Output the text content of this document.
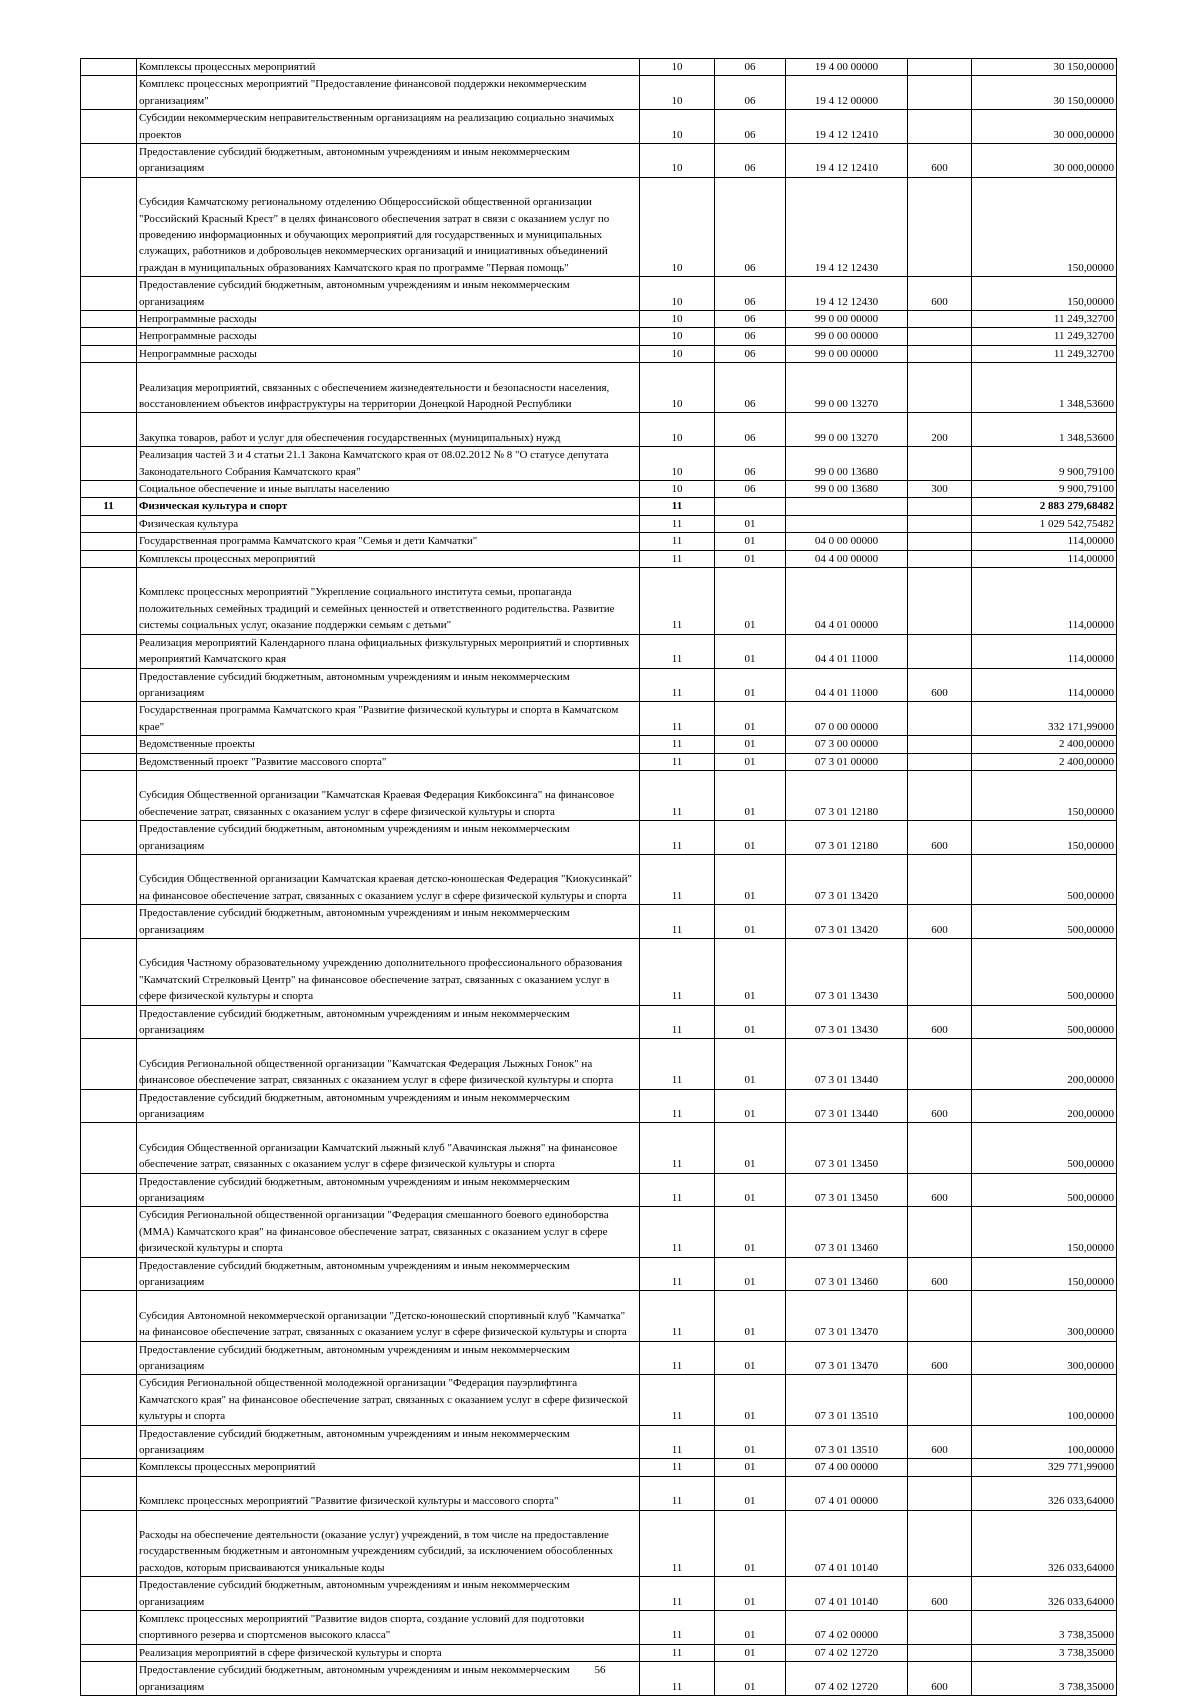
	Комплексы процессных мероприятий	10	06	19 4 00 00000		30 150,00000
	Комплекс процессных мероприятий "Предоставление финансовой поддержки некоммерческим организациям"	10	06	19 4 12 00000		30 150,00000
	Субсидии некоммерческим неправительственным организациям на реализацию социально значимых проектов	10	06	19 4 12 12410		30 000,00000
	Предоставление субсидий бюджетным, автономным учреждениям и иным некоммерческим организациям	10	06	19 4 12 12410	600	30 000,00000
	Субсидия Камчатскому региональному отделению Общероссийской общественной организации "Российский Красный Крест" в целях финансового обеспечения затрат в связи с оказанием услуг по проведению информационных и обучающих мероприятий для государственных и муниципальных служащих, работников и добровольцев некоммерческих организаций и инициативных объединений граждан в муниципальных образованиях Камчатского края по программе "Первая помощь"	10	06	19 4 12 12430		150,00000
	Предоставление субсидий бюджетным, автономным учреждениям и иным некоммерческим организациям	10	06	19 4 12 12430	600	150,00000
	Непрограммные расходы	10	06	99 0 00 00000		11 249,32700
	Непрограммные расходы	10	06	99 0 00 00000		11 249,32700
	Непрограммные расходы	10	06	99 0 00 00000		11 249,32700
	Реализация мероприятий, связанных с обеспечением жизнедеятельности и безопасности населения, восстановлением объектов инфраструктуры на территории Донецкой Народной Республики	10	06	99 0 00 13270		1 348,53600
	Закупка товаров, работ и услуг для обеспечения государственных (муниципальных) нужд	10	06	99 0 00 13270	200	1 348,53600
	Реализация частей 3 и 4 статьи 21.1 Закона Камчатского края от 08.02.2012 № 8 "О статусе депутата Законодательного Собрания Камчатского края"	10	06	99 0 00 13680		9 900,79100
	Социальное обеспечение и иные выплаты населению	10	06	99 0 00 13680	300	9 900,79100
11	Физическая культура и спорт	11				2 883 279,68482
	Физическая культура	11	01			1 029 542,75482
	Государственная программа Камчатского края "Семья и дети Камчатки"	11	01	04 0 00 00000		114,00000
	Комплексы процессных мероприятий	11	01	04 4 00 00000		114,00000
	Комплекс процессных мероприятий "Укрепление социального института семьи, пропаганда положительных семейных традиций и семейных ценностей и ответственного родительства. Развитие системы социальных услуг, оказание поддержки семьям с детьми"	11	01	04 4 01 00000		114,00000
	Реализация мероприятий Календарного плана официальных физкультурных мероприятий и спортивных мероприятий Камчатского края	11	01	04 4 01 11000		114,00000
	Предоставление субсидий бюджетным, автономным учреждениям и иным некоммерческим организациям	11	01	04 4 01 11000	600	114,00000
	Государственная программа Камчатского края "Развитие физической культуры и спорта в Камчатском крае"	11	01	07 0 00 00000		332 171,99000
	Ведомственные проекты	11	01	07 3 00 00000		2 400,00000
	Ведомственный проект "Развитие массового спорта"	11	01	07 3 01 00000		2 400,00000
	Субсидия Общественной организации "Камчатская Краевая Федерация Кикбоксинга" на финансовое обеспечение затрат, связанных с оказанием услуг в сфере физической культуры и спорта	11	01	07 3 01 12180		150,00000
	Предоставление субсидий бюджетным, автономным учреждениям и иным некоммерческим организациям	11	01	07 3 01 12180	600	150,00000
	Субсидия Общественной организации Камчатская краевая детско-юношеская Федерация "Киокусинкай" на финансовое обеспечение затрат, связанных с оказанием услуг в сфере физической культуры и спорта	11	01	07 3 01 13420		500,00000
	Предоставление субсидий бюджетным, автономным учреждениям и иным некоммерческим организациям	11	01	07 3 01 13420	600	500,00000
	Субсидия Частному образовательному учреждению дополнительного профессионального образования "Камчатский Стрелковый Центр" на финансовое обеспечение затрат, связанных с оказанием услуг в сфере физической культуры и спорта	11	01	07 3 01 13430		500,00000
	Предоставление субсидий бюджетным, автономным учреждениям и иным некоммерческим организациям	11	01	07 3 01 13430	600	500,00000
	Субсидия Региональной общественной организации "Камчатская Федерация Лыжных Гонок" на финансовое обеспечение затрат, связанных с оказанием услуг в сфере физической культуры и спорта	11	01	07 3 01 13440		200,00000
	Предоставление субсидий бюджетным, автономным учреждениям и иным некоммерческим организациям	11	01	07 3 01 13440	600	200,00000
	Субсидия Общественной организации Камчатский лыжный клуб "Авачинская лыжня" на финансовое обеспечение затрат, связанных с оказанием услуг в сфере физической культуры и спорта	11	01	07 3 01 13450		500,00000
	Предоставление субсидий бюджетным, автономным учреждениям и иным некоммерческим организациям	11	01	07 3 01 13450	600	500,00000
	Субсидия Региональной общественной организации "Федерация смешанного боевого единоборства (ММА) Камчатского края" на финансовое обеспечение затрат, связанных с оказанием услуг в сфере физической культуры и спорта	11	01	07 3 01 13460		150,00000
	Предоставление субсидий бюджетным, автономным учреждениям и иным некоммерческим организациям	11	01	07 3 01 13460	600	150,00000
	Субсидия Автономной некоммерческой организации "Детско-юношеский спортивный клуб "Камчатка" на финансовое обеспечение затрат, связанных с оказанием услуг в сфере физической культуры и спорта	11	01	07 3 01 13470		300,00000
	Предоставление субсидий бюджетным, автономным учреждениям и иным некоммерческим организациям	11	01	07 3 01 13470	600	300,00000
	Субсидия Региональной общественной молодежной организации "Федерация пауэрлифтинга Камчатского края" на финансовое обеспечение затрат, связанных с оказанием услуг в сфере физической культуры и спорта	11	01	07 3 01 13510		100,00000
	Предоставление субсидий бюджетным, автономным учреждениям и иным некоммерческим организациям	11	01	07 3 01 13510	600	100,00000
	Комплексы процессных мероприятий	11	01	07 4 00 00000		329 771,99000
	Комплекс процессных мероприятий "Развитие физической культуры и массового спорта"	11	01	07 4 01 00000		326 033,64000
	Расходы на обеспечение деятельности (оказание услуг) учреждений, в том числе на предоставление государственным бюджетным и автономным учреждениям субсидий, за исключением обособленных расходов, которым присваиваются уникальные коды	11	01	07 4 01 10140		326 033,64000
	Предоставление субсидий бюджетным, автономным учреждениям и иным некоммерческим организациям	11	01	07 4 01 10140	600	326 033,64000
	Комплекс процессных мероприятий "Развитие видов спорта, создание условий для подготовки спортивного резерва и спортсменов высокого класса"	11	01	07 4 02 00000		3 738,35000
	Реализация мероприятий в сфере физической культуры и спорта	11	01	07 4 02 12720		3 738,35000
	Предоставление субсидий бюджетным, автономным учреждениям и иным некоммерческим организациям	11	01	07 4 02 12720	600	3 738,35000
56
